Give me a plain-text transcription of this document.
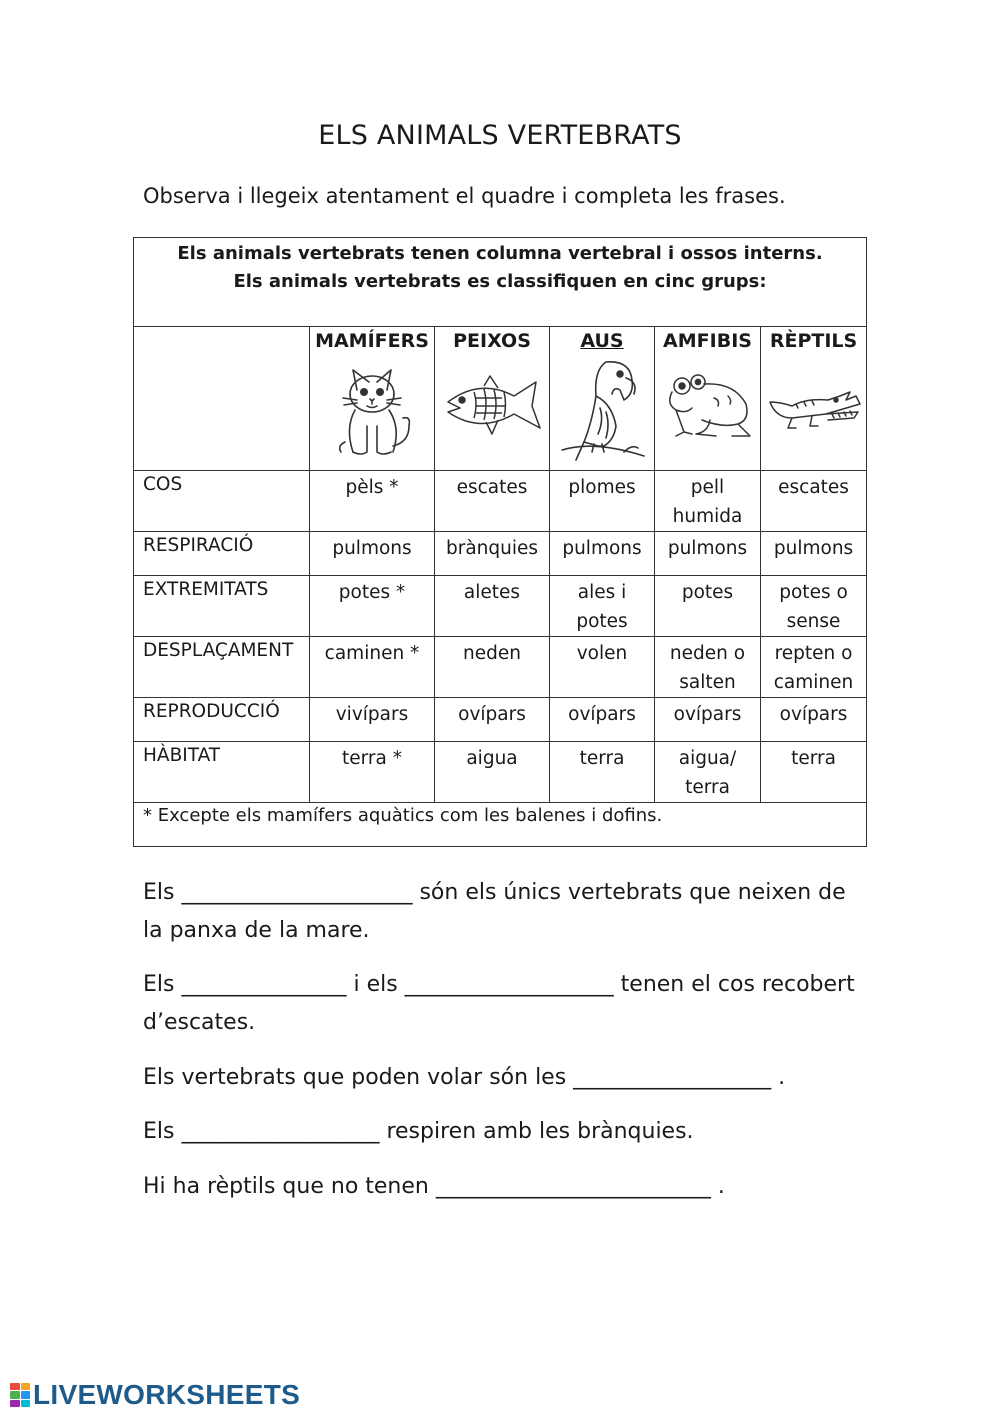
ELS ANIMALS VERTEBRATS
Observa i llegeix atentament el quadre i completa les frases.
Els animals vertebrats tenen columna vertebral i ossos interns.
Els animals vertebrats es classifiquen en cinc grups:					

	MAMÍFERS	PEIXOS	AUS	AMFIBIS	RÈPTILS

COS	pèls *	escates	plomes	pell humida	escates
RESPIRACIÓ	pulmons	brànquies	pulmons	pulmons	pulmons
EXTREMITATS	potes *	aletes	ales i potes	potes	potes o sense
DESPLAÇAMENT	caminen *	neden	volen	neden o salten	repten o caminen
REPRODUCCIÓ	vivípars	ovípars	ovípars	ovípars	ovípars
HÀBITAT	terra *	aigua	terra	aigua/ terra	terra
* Excepte els mamífers aquàtics com les balenes i dofins.					
Els _____________________ són els únics vertebrats que neixen de la panxa de la mare.
Els _______________ i els ___________________ tenen el cos recobert d’escates.
Els vertebrats que poden volar són les __________________ .
Els __________________ respiren amb les brànquies.
Hi ha rèptils que no tenen _________________________ .
LIVEWORKSHEETS
